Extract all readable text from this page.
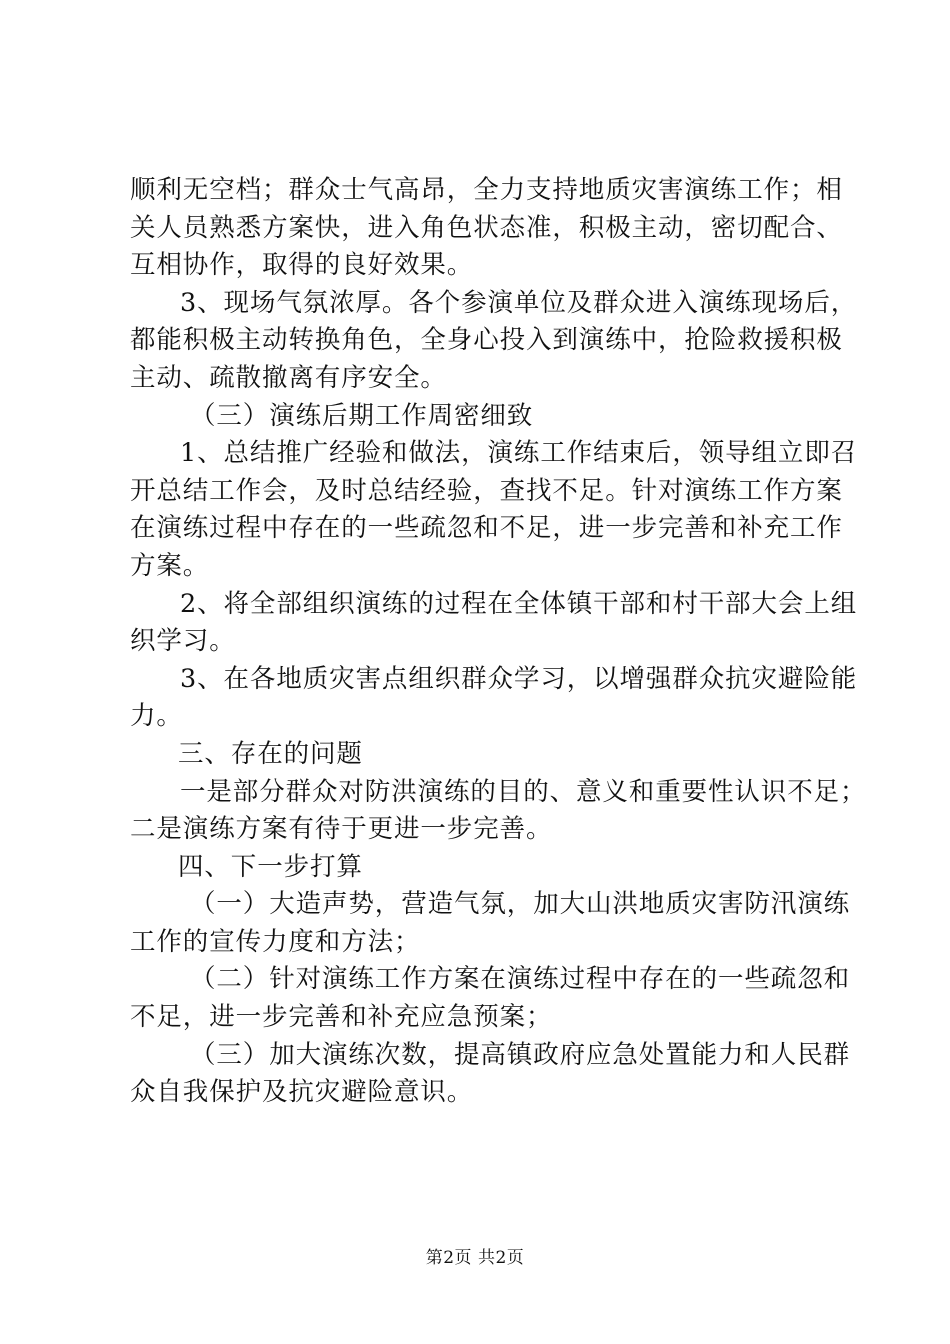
顺利无空档；群众士气高昂，全力支持地质灾害演练工作；相
关人员熟悉方案快，进入角色状态准，积极主动，密切配合、
互相协作，取得的良好效果。
3、现场气氛浓厚。各个参演单位及群众进入演练现场后，
都能积极主动转换角色，全身心投入到演练中，抢险救援积极
主动、疏散撤离有序安全。
（三）演练后期工作周密细致
1、总结推广经验和做法，演练工作结束后，领导组立即召
开总结工作会，及时总结经验，查找不足。针对演练工作方案
在演练过程中存在的一些疏忽和不足，进一步完善和补充工作
方案。
2、将全部组织演练的过程在全体镇干部和村干部大会上组
织学习。
3、在各地质灾害点组织群众学习，以增强群众抗灾避险能
力。
三、存在的问题
一是部分群众对防洪演练的目的、意义和重要性认识不足；
二是演练方案有待于更进一步完善。
四、下一步打算
（一）大造声势，营造气氛，加大山洪地质灾害防汛演练
工作的宣传力度和方法；
（二）针对演练工作方案在演练过程中存在的一些疏忽和
不足，进一步完善和补充应急预案；
（三）加大演练次数，提高镇政府应急处置能力和人民群
众自我保护及抗灾避险意识。
第2页 共2页
